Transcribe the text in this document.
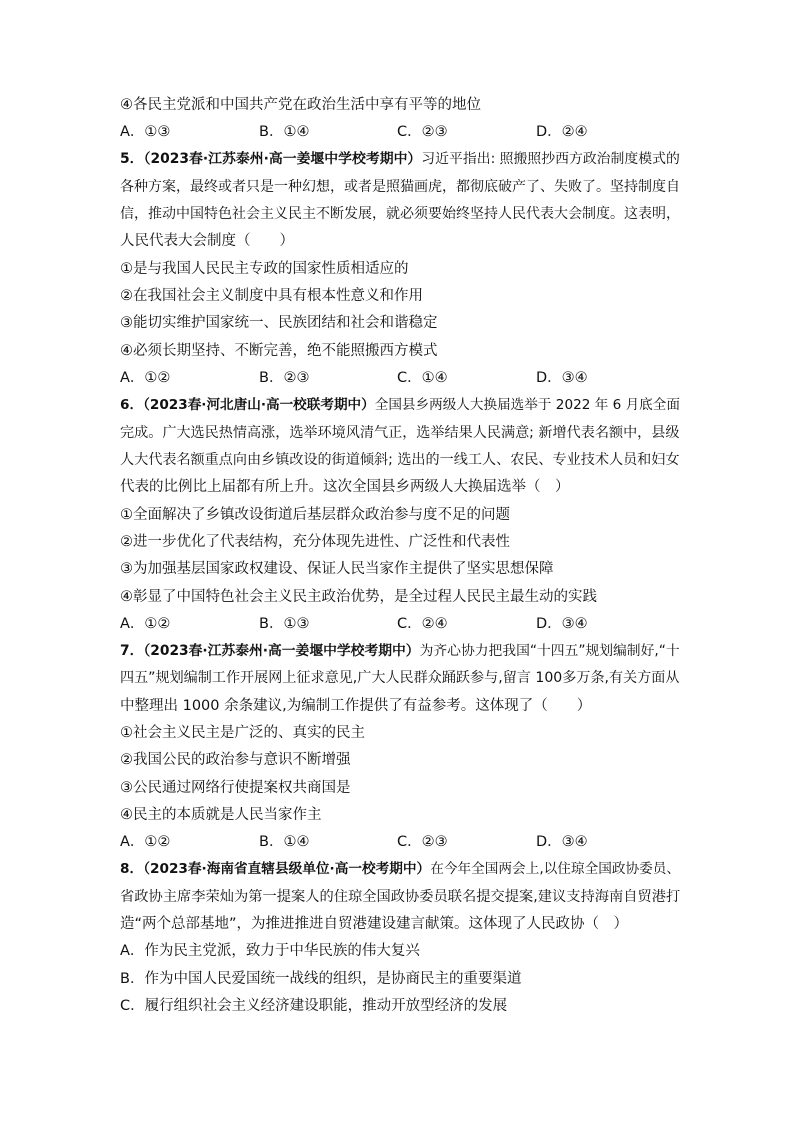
④各民主党派和中国共产党在政治生活中享有平等的地位
A．①③	B．①④	C．②③	D．②④
5．（2023春·江苏泰州·高一姜堰中学校考期中）习近平指出: 照搬照抄西方政治制度模式的
各种方案，最终或者只是一种幻想，或者是照猫画虎，都彻底破产了、失败了。坚持制度自
信，推动中国特色社会主义民主不断发展，就必须要始终坚持人民代表大会制度。这表明，
人民代表大会制度（　　）
①是与我国人民民主专政的国家性质相适应的
②在我国社会主义制度中具有根本性意义和作用
③能切实维护国家统一、民族团结和社会和谐稳定
④必须长期坚持、不断完善，绝不能照搬西方模式
A．①②	B．②③	C．①④	D．③④
6．（2023春·河北唐山·高一校联考期中）全国县乡两级人大换届选举于 2022 年 6 月底全面
完成。广大选民热情高涨，选举环境风清气正，选举结果人民满意; 新增代表名额中，县级
人大代表名额重点向由乡镇改设的街道倾斜; 选出的一线工人、农民、专业技术人员和妇女
代表的比例比上届都有所上升。这次全国县乡两级人大换届选举（　）
①全面解决了乡镇改设街道后基层群众政治参与度不足的问题
②进一步优化了代表结构，充分体现先进性、广泛性和代表性
③为加强基层国家政权建设、保证人民当家作主提供了坚实思想保障
④彰显了中国特色社会主义民主政治优势，是全过程人民民主最生动的实践
A．①②	B．①③	C．②④	D．③④
7．（2023春·江苏泰州·高一姜堰中学校考期中）为齐心协力把我国“十四五”规划编制好,“十
四五”规划编制工作开展网上征求意见,广大人民群众踊跃参与,留言 100多万条,有关方面从
中整理出 1000 余条建议,为编制工作提供了有益参考。这体现了（　　）
①社会主义民主是广泛的、真实的民主
②我国公民的政治参与意识不断增强
③公民通过网络行使提案权共商国是
④民主的本质就是人民当家作主
A．①②	B．①④	C．②③	D．③④
8．（2023春·海南省直辖县级单位·高一校考期中）在今年全国两会上,以住琼全国政协委员、
省政协主席李荣灿为第一提案人的住琼全国政协委员联名提交提案,建议支持海南自贸港打
造“两个总部基地”，为推进推进自贸港建设建言献策。这体现了人民政协（　）
A．作为民主党派，致力于中华民族的伟大复兴
B．作为中国人民爱国统一战线的组织，是协商民主的重要渠道
C．履行组织社会主义经济建设职能，推动开放型经济的发展
